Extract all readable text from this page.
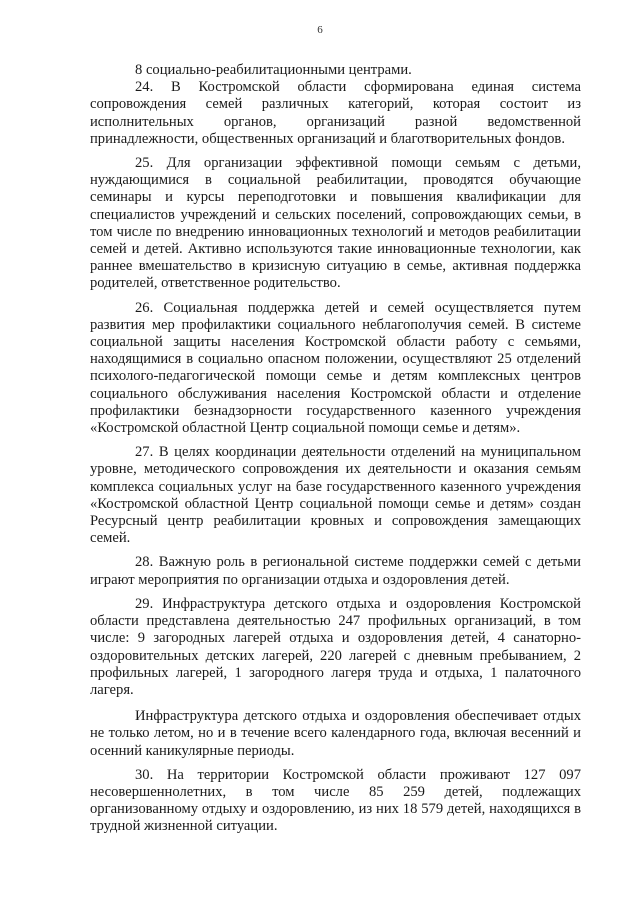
6

8 социально-реабилитационными центрами.

24. В Костромской области сформирована единая система сопровождения семей различных категорий, которая состоит из исполнительных органов, организаций разной ведомственной принадлежности, общественных организаций и благотворительных фондов.

25. Для организации эффективной помощи семьям с детьми, нуждающимися в социальной реабилитации, проводятся обучающие семинары и курсы переподготовки и повышения квалификации для специалистов учреждений и сельских поселений, сопровождающих семьи, в том числе по внедрению инновационных технологий и методов реабилитации семей и детей. Активно используются такие инновационные технологии, как раннее вмешательство в кризисную ситуацию в семье, активная поддержка родителей, ответственное родительство.

26. Социальная поддержка детей и семей осуществляется путем развития мер профилактики социального неблагополучия семей. В системе социальной защиты населения Костромской области работу с семьями, находящимися в социально опасном положении, осуществляют 25 отделений психолого-педагогической помощи семье и детям комплексных центров социального обслуживания населения Костромской области и отделение профилактики безнадзорности государственного казенного учреждения «Костромской областной Центр социальной помощи семье и детям».

27. В целях координации деятельности отделений на муниципальном уровне, методического сопровождения их деятельности и оказания семьям комплекса социальных услуг на базе государственного казенного учреждения «Костромской областной Центр социальной помощи семье и детям» создан Ресурсный центр реабилитации кровных и сопровождения замещающих семей.

28. Важную роль в региональной системе поддержки семей с детьми играют мероприятия по организации отдыха и оздоровления детей.

29. Инфраструктура детского отдыха и оздоровления Костромской области представлена деятельностью 247 профильных организаций, в том числе: 9 загородных лагерей отдыха и оздоровления детей, 4 санаторно-оздоровительных детских лагерей, 220 лагерей с дневным пребыванием, 2 профильных лагерей, 1 загородного лагеря труда и отдыха, 1 палаточного лагеря.

Инфраструктура детского отдыха и оздоровления обеспечивает отдых не только летом, но и в течение всего календарного года, включая весенний и осенний каникулярные периоды.

30. На территории Костромской области проживают 127 097 несовершеннолетних, в том числе 85 259 детей, подлежащих организованному отдыху и оздоровлению, из них 18 579 детей, находящихся в трудной жизненной ситуации.
